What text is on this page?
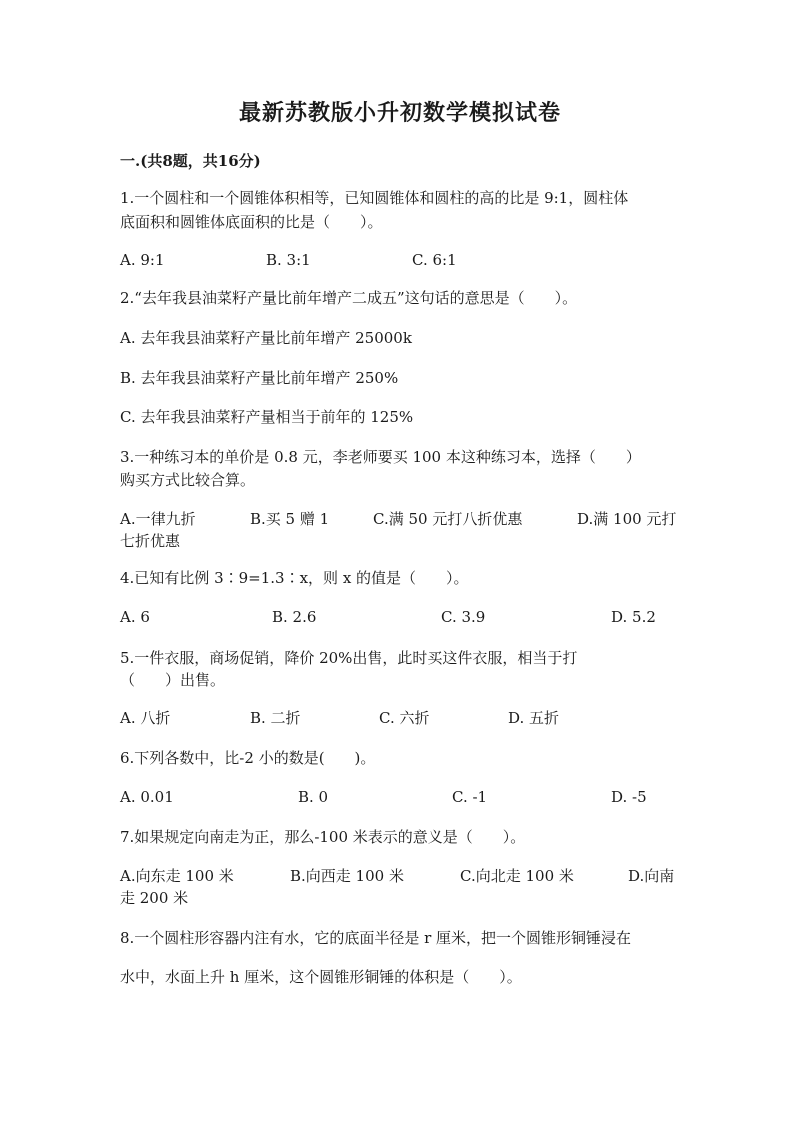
最新苏教版小升初数学模拟试卷
一.(共8题，共16分)
1.一个圆柱和一个圆锥体积相等，已知圆锥体和圆柱的高的比是 9:1，圆柱体
底面积和圆锥体底面积的比是（　　）。
A. 9:1	B. 3:1	C. 6:1
2.“去年我县油菜籽产量比前年增产二成五”这句话的意思是（　　）。
A. 去年我县油菜籽产量比前年增产 25000k
B. 去年我县油菜籽产量比前年增产 250%
C. 去年我县油菜籽产量相当于前年的 125%
3.一种练习本的单价是 0.8 元，李老师要买 100 本这种练习本，选择（　　）
购买方式比较合算。
A.一律九折	B.买 5 赠 1	C.满 50 元打八折优惠	D.满 100 元打
七折优惠
4.已知有比例 3∶9=1.3∶x，则 x 的值是（　　）。
A. 6	B. 2.6	C. 3.9	D. 5.2
5.一件衣服，商场促销，降价 20%出售，此时买这件衣服，相当于打
（　　）出售。
A. 八折	B. 二折	C. 六折	D. 五折
6.下列各数中，比-2 小的数是(　　)。
A. 0.01	B. 0	C. -1	D. -5
7.如果规定向南走为正，那么-100 米表示的意义是（　　）。
A.向东走 100 米	B.向西走 100 米	C.向北走 100 米	D.向南
走 200 米
8.一个圆柱形容器内注有水，它的底面半径是 r 厘米，把一个圆锥形铜锤浸在
水中，水面上升 h 厘米，这个圆锥形铜锤的体积是（　　）。
